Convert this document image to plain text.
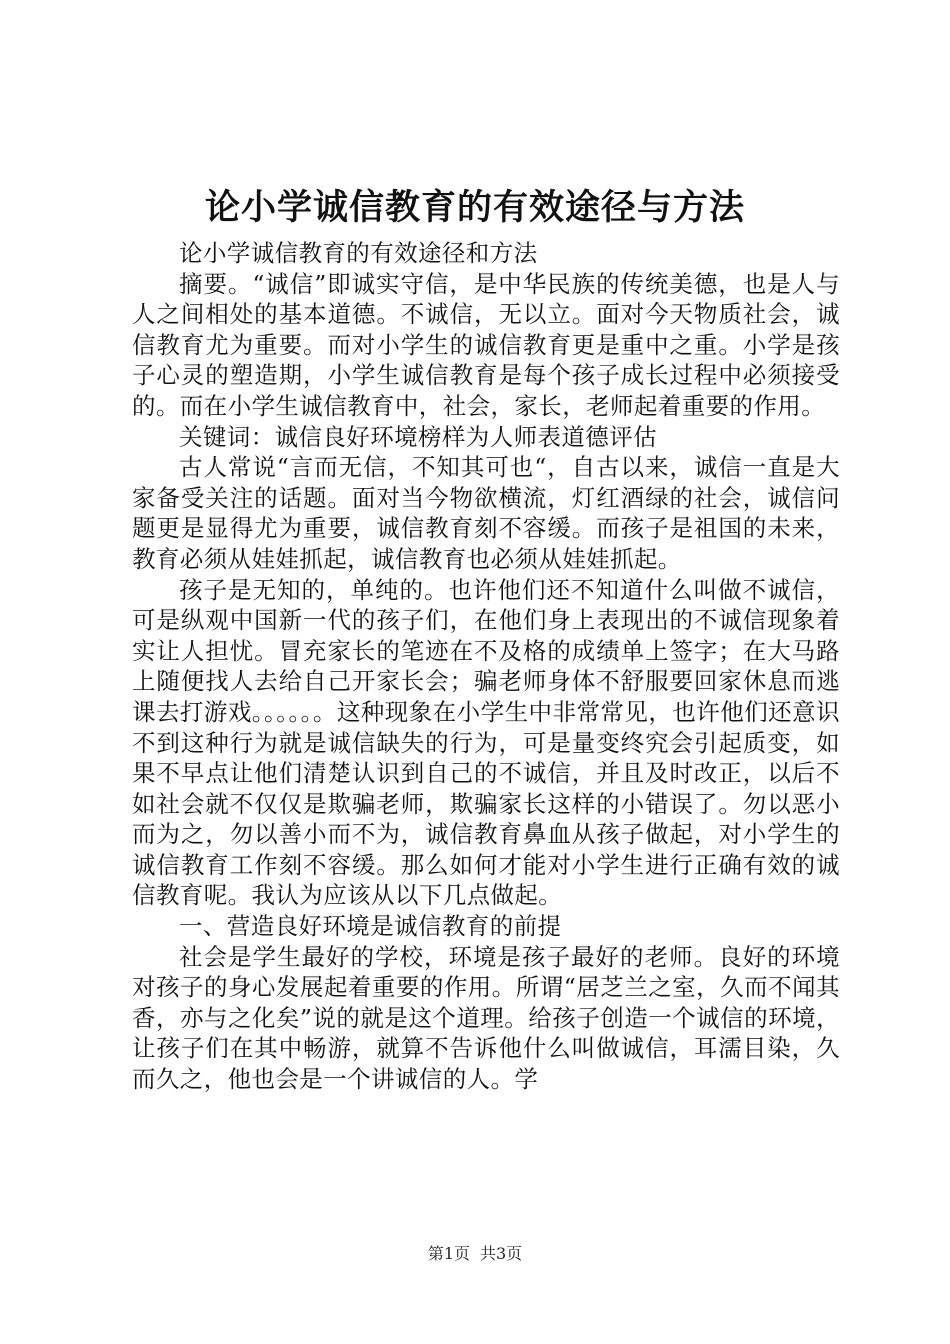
论小学诚信教育的有效途径与方法

论小学诚信教育的有效途径和方法

摘要。“诚信”即诚实守信，是中华民族的传统美德，也是人与人之间相处的基本道德。不诚信，无以立。面对今天物质社会，诚信教育尤为重要。而对小学生的诚信教育更是重中之重。小学是孩子心灵的塑造期，小学生诚信教育是每个孩子成长过程中必须接受的。而在小学生诚信教育中，社会，家长，老师起着重要的作用。

关键词：诚信良好环境榜样为人师表道德评估

古人常说“言而无信，不知其可也“，自古以来，诚信一直是大家备受关注的话题。面对当今物欲横流，灯红酒绿的社会，诚信问题更是显得尤为重要，诚信教育刻不容缓。而孩子是祖国的未来，教育必须从娃娃抓起，诚信教育也必须从娃娃抓起。

孩子是无知的，单纯的。也许他们还不知道什么叫做不诚信，可是纵观中国新一代的孩子们，在他们身上表现出的不诚信现象着实让人担忧。冒充家长的笔迹在不及格的成绩单上签字；在大马路上随便找人去给自己开家长会；骗老师身体不舒服要回家休息而逃课去打游戏。。。。。。这种现象在小学生中非常常见，也许他们还意识不到这种行为就是诚信缺失的行为，可是量变终究会引起质变，如果不早点让他们清楚认识到自己的不诚信，并且及时改正，以后不如社会就不仅仅是欺骗老师，欺骗家长这样的小错误了。勿以恶小而为之，勿以善小而不为，诚信教育鼻血从孩子做起，对小学生的诚信教育工作刻不容缓。那么如何才能对小学生进行正确有效的诚信教育呢。我认为应该从以下几点做起。

一、营造良好环境是诚信教育的前提

社会是学生最好的学校，环境是孩子最好的老师。良好的环境对孩子的身心发展起着重要的作用。所谓“居芝兰之室，久而不闻其香，亦与之化矣”说的就是这个道理。给孩子创造一个诚信的环境，让孩子们在其中畅游，就算不告诉他什么叫做诚信，耳濡目染，久而久之，他也会是一个讲诚信的人。学

第1页 共3页
